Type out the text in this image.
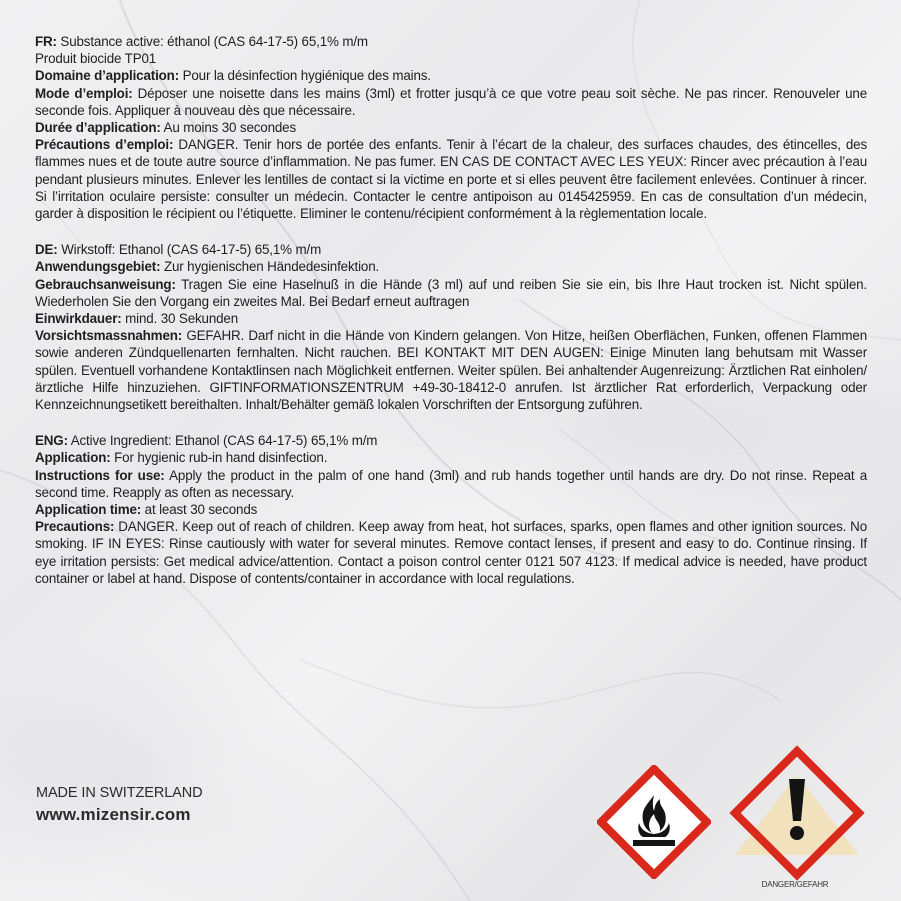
FR: Substance active: éthanol (CAS 64-17-5) 65,1% m/m

Produit biocide TP01

Domaine d’application: Pour la désinfection hygiénique des mains.

Mode d’emploi: Déposer une noisette dans les mains (3ml) et frotter jusqu’à ce que votre peau soit sèche. Ne pas rincer. Renouveler une seconde fois. Appliquer à nouveau dès que nécessaire.

Durée d’application: Au moins 30 secondes

Précautions d’emploi: DANGER. Tenir hors de portée des enfants. Tenir à l’écart de la chaleur, des surfaces chaudes, des étincelles, des flammes nues et de toute autre source d’inflammation. Ne pas fumer. EN CAS DE CONTACT AVEC LES YEUX: Rincer avec précaution à l’eau pendant plusieurs minutes. Enlever les lentilles de contact si la victime en porte et si elles peuvent être facilement enlevées. Continuer à rincer. Si l’irritation oculaire persiste: consulter un médecin. Contacter le centre antipoison au 0145425959. En cas de consultation d’un médecin, garder à disposition le récipient ou l’étiquette. Eliminer le contenu/récipient conformément à la règlementation locale.

DE: Wirkstoff: Ethanol (CAS 64-17-5) 65,1% m/m

Anwendungsgebiet: Zur hygienischen Händedesinfektion.

Gebrauchsanweisung: Tragen Sie eine Haselnuß in die Hände (3 ml) auf und reiben Sie sie ein, bis Ihre Haut trocken ist. Nicht spülen. Wiederholen Sie den Vorgang ein zweites Mal. Bei Bedarf erneut auftragen

Einwirkdauer: mind. 30 Sekunden

Vorsichtsmassnahmen: GEFAHR. Darf nicht in die Hände von Kindern gelangen. Von Hitze, heißen Oberflächen, Funken, offenen Flammen sowie anderen Zündquellenarten fernhalten. Nicht rauchen. BEI KONTAKT MIT DEN AUGEN: Einige Minuten lang behutsam mit Wasser spülen. Eventuell vorhandene Kontaktlinsen nach Möglichkeit entfernen. Weiter spülen. Bei anhaltender Augenreizung: Ärztlichen Rat einholen/ärztliche Hilfe hinzuziehen. GIFTINFORMATIONSZENTRUM +49-30-18412-0 anrufen. Ist ärztlicher Rat erforderlich, Verpackung oder Kennzeichnungsetikett bereithalten. Inhalt/Behälter gemäß lokalen Vorschriften der Entsorgung zuführen.

ENG: Active Ingredient: Ethanol (CAS 64-17-5) 65,1% m/m

Application: For hygienic rub-in hand disinfection.

Instructions for use: Apply the product in the palm of one hand (3ml) and rub hands together until hands are dry. Do not rinse. Repeat a second time. Reapply as often as necessary.

Application time: at least 30 seconds

Precautions: DANGER. Keep out of reach of children. Keep away from heat, hot surfaces, sparks, open flames and other ignition sources. No smoking. IF IN EYES: Rinse cautiously with water for several minutes. Remove contact lenses, if present and easy to do. Continue rinsing. If eye irritation persists: Get medical advice/attention. Contact a poison control center 0121 507 4123. If medical advice is needed, have product container or label at hand. Dispose of contents/container in accordance with local regulations.

MADE IN SWITZERLAND
www.mizensir.com
DANGER/GEFAHR
